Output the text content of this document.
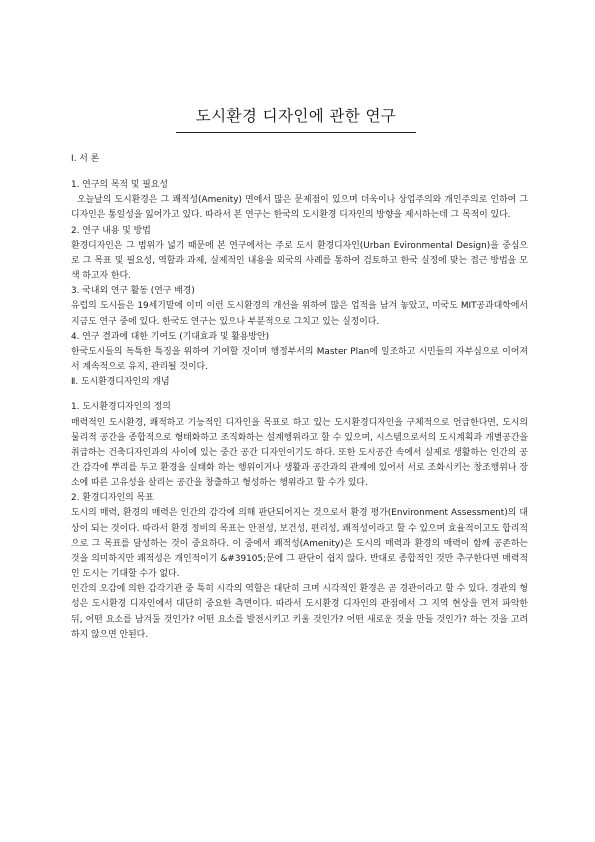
도시환경 디자인에 관한 연구

Ⅰ. 서 론

1. 연구의 목적 및 필요성

오늘날의 도시환경은 그 쾌적성(Amenity) 면에서 많은 문제점이 있으며 더욱이나 상업주의와 개인주의로 인하여 그 디자인은 통일성을 잃어가고 있다. 따라서 본 연구는 한국의 도시환경 디자인의 방향을 제시하는데 그 목적이 있다.

2. 연구 내용 및 방법

환경디자인은 그 범위가 넓기 때문에 본 연구에서는 주로 도시 환경디자인(Urban Evironmental Design)을 중심으로 그 목표 및 필요성, 역할과 과제, 실제적인 내용을 외국의 사례를 통하여 검토하고 한국 실정에 맞는 접근 방법을 모색 하고자 한다.

3. 국내외 연구 활동 (연구 배경)

유럽의 도시들은 19세기말에 이미 이런 도시환경의 개선을 위하여 많은 업적을 남겨 놓았고, 미국도 MIT공과대학에서 지금도 연구 중에 있다. 한국도 연구는 있으나 부분적으로 그치고 있는 실정이다.

4. 연구 결과에 대한 기여도 (기대효과 및 활용방안)

한국도시들의 독특한 특징을 위하여 기여할 것이며 행정부서의 Master Plan에 일조하고 시민들의 자부심으로 이어져서 계속적으로 유지, 관리될 것이다.

Ⅱ. 도시환경디자인의 개념

1. 도시환경디자인의 정의

매력적인 도시환경, 쾌적하고 기능적인 디자인을 목표로 하고 있는 도시환경디자인을 구체적으로 언급한다면, 도시의 물리적 공간을 종합적으로 형태화하고 조직화하는 설계행위라고 할 수 있으며, 시스템으로서의 도시계획과 개별공간을 취급하는 건축디자인과의 사이에 있는 중간 공간 디자인이기도 하다. 또한 도시공간 속에서 실제로 생활하는 인간의 공간 감각에 뿌리를 두고 환경을 실태화 하는 행위이거나 생활과 공간과의 관계에 있어서 서로 조화시키는 창조행위나 장소에 따른 고유성을 살리는 공간을 창출하고 형성하는 행위라고 할 수가 있다.

2. 환경디자인의 목표

도시의 매력, 환경의 매력은 인간의 감각에 의해 판단되어지는 것으로서 환경 평가(Environment Assessment)의 대상이 되는 것이다. 따라서 환경 정비의 목표는 안전성, 보건성, 편리성, 쾌적성이라고 할 수 있으며 효율적이고도 합리적으로 그 목표를 달성하는 것이 중요하다. 이 중에서 쾌적성(Amenity)은 도시의 매력과 환경의 매력이 함께 공존하는 것을 의미하지만 쾌적성은 개인적이기 &#39105;문에 그 판단이 쉽지 않다. 반대로 종합적인 것만 추구한다면 매력적인 도시는 기대할 수가 없다.

인간의 오감에 의한 감각기관 중 특히 시각의 역할은 대단히 크며 시각적인 환경은 곧 경관이라고 할 수 있다. 경관의 형성은 도시환경 디자인에서 대단히 중요한 측면이다. 따라서 도시환경 디자인의 관점에서 그 지역 현상을 먼저 파악한 뒤, 어떤 요소를 남겨둘 것인가? 어떤 요소를 발전시키고 키울 것인가? 어떤 새로운 것을 만들 것인가? 하는 것을 고려하지 않으면 안된다.
